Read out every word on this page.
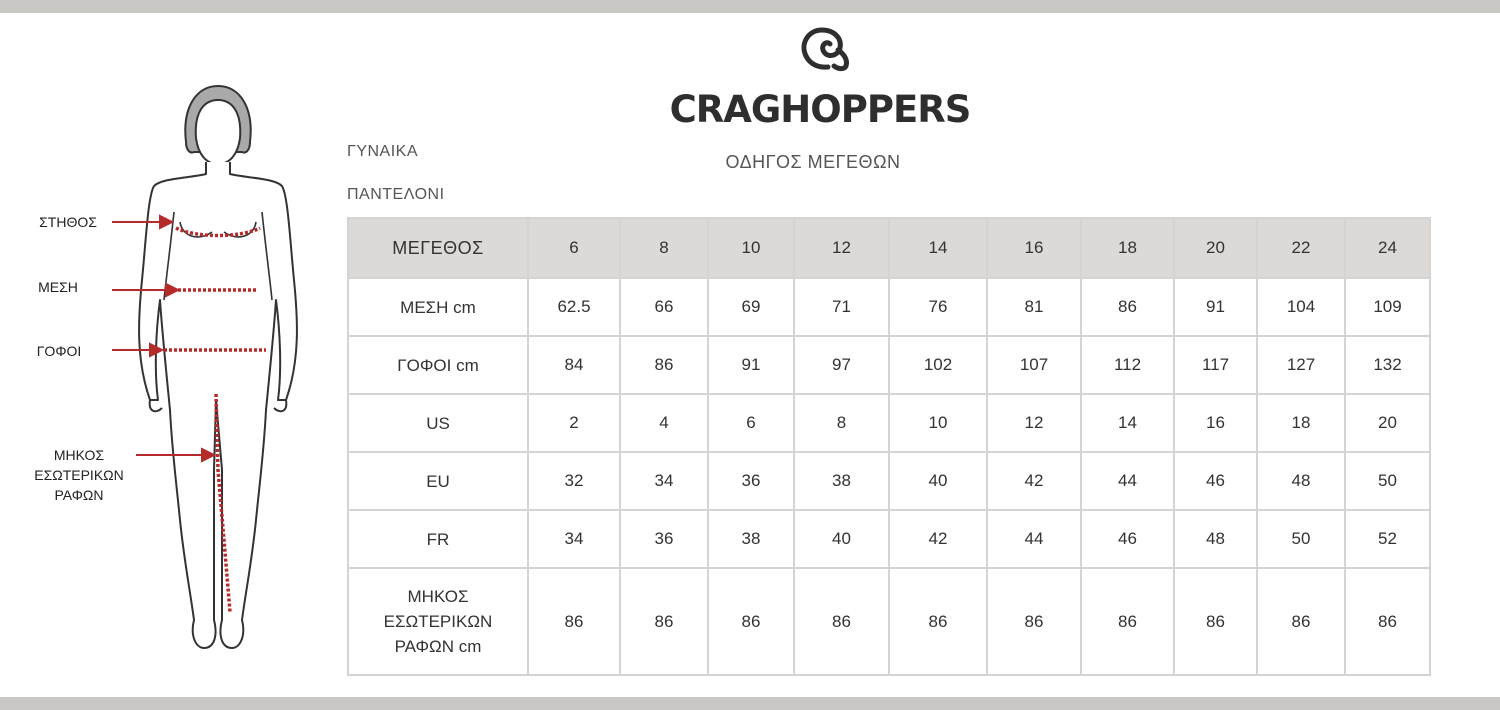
CRAGHOPPERS
ΟΔΗΓΟΣ ΜΕΓΕΘΩΝ
ΓΥΝΑΙΚΑ
ΠΑΝΤΕΛΟΝΙ
ΣΤΗΘΟΣ
ΜΕΣΗ
ΓΟΦΟΙ
ΜΗΚΟΣ
ΕΣΩΤΕΡΙΚΩΝ
ΡΑΦΩΝ
ΜΕΓΕΘΟΣ	6	8	10	12	14	16	18	20	22	24
ΜΕΣΗ cm	62.5	66	69	71	76	81	86	91	104	109
ΓΟΦΟΙ cm	84	86	91	97	102	107	112	117	127	132
US	2	4	6	8	10	12	14	16	18	20
EU	32	34	36	38	40	42	44	46	48	50
FR	34	36	38	40	42	44	46	48	50	52

ΜΗΚΟΣ
ΕΣΩΤΕΡΙΚΩΝ
ΡΑΦΩΝ cm	86	86	86	86	86	86	86	86	86	86
